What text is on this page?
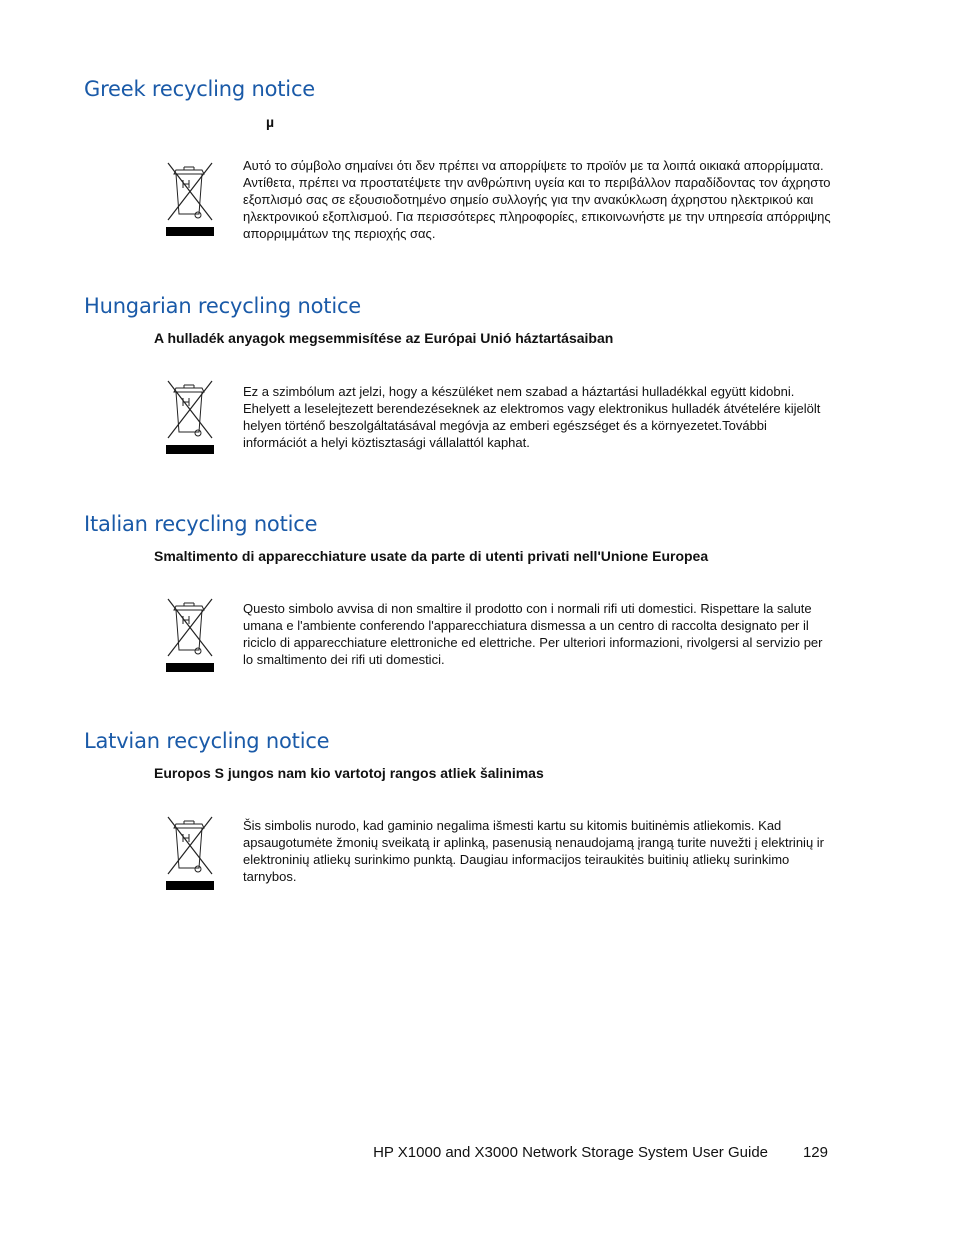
Greek recycling notice
µ

Αυτό το σύμβολο σημαίνει ότι δεν πρέπει να απορρίψετε το προϊόν με τα λοιπά οικιακά απορρίμματα. Αντίθετα, πρέπει να προστατέψετε την ανθρώπινη υγεία και το περιβάλλον παραδίδοντας τον άχρηστο εξοπλισμό σας σε εξουσιοδοτημένο σημείο συλλογής για την ανακύκλωση άχρηστου ηλεκτρικού και ηλεκτρονικού εξοπλισμού. Για περισσότερες πληροφορίες, επικοινωνήστε με την υπηρεσία απόρριψης απορριμμάτων της περιοχής σας.

Hungarian recycling notice
A hulladék anyagok megsemmisítése az Európai Unió háztartásaiban

Ez a szimbólum azt jelzi, hogy a készüléket nem szabad a háztartási hulladékkal együtt kidobni. Ehelyett a leselejtezett berendezéseknek az elektromos vagy elektronikus hulladék átvételére kijelölt helyen történő beszolgáltatásával megóvja az emberi egészséget és a környezetet.További információt a helyi köztisztasági vállalattól kaphat.

Italian recycling notice
Smaltimento di apparecchiature usate da parte di utenti privati nell'Unione Europea

Questo simbolo avvisa di non smaltire il prodotto con i normali rifi uti domestici. Rispettare la salute umana e l'ambiente conferendo l'apparecchiatura dismessa a un centro di raccolta designato per il riciclo di apparecchiature elettroniche ed elettriche. Per ulteriori informazioni, rivolgersi al servizio per lo smaltimento dei rifi uti domestici.

Latvian recycling notice
Europos S jungos nam kio vartotoj rangos atliek šalinimas

Šis simbolis nurodo, kad gaminio negalima išmesti kartu su kitomis buitinėmis atliekomis. Kad apsaugotumėte žmonių sveikatą ir aplinką, pasenusią nenaudojamą įrangą turite nuvežti į elektrinių ir elektroninių atliekų surinkimo punktą. Daugiau informacijos teiraukitės buitinių atliekų surinkimo tarnybos.

HP X1000 and X3000 Network Storage System User Guide 129
